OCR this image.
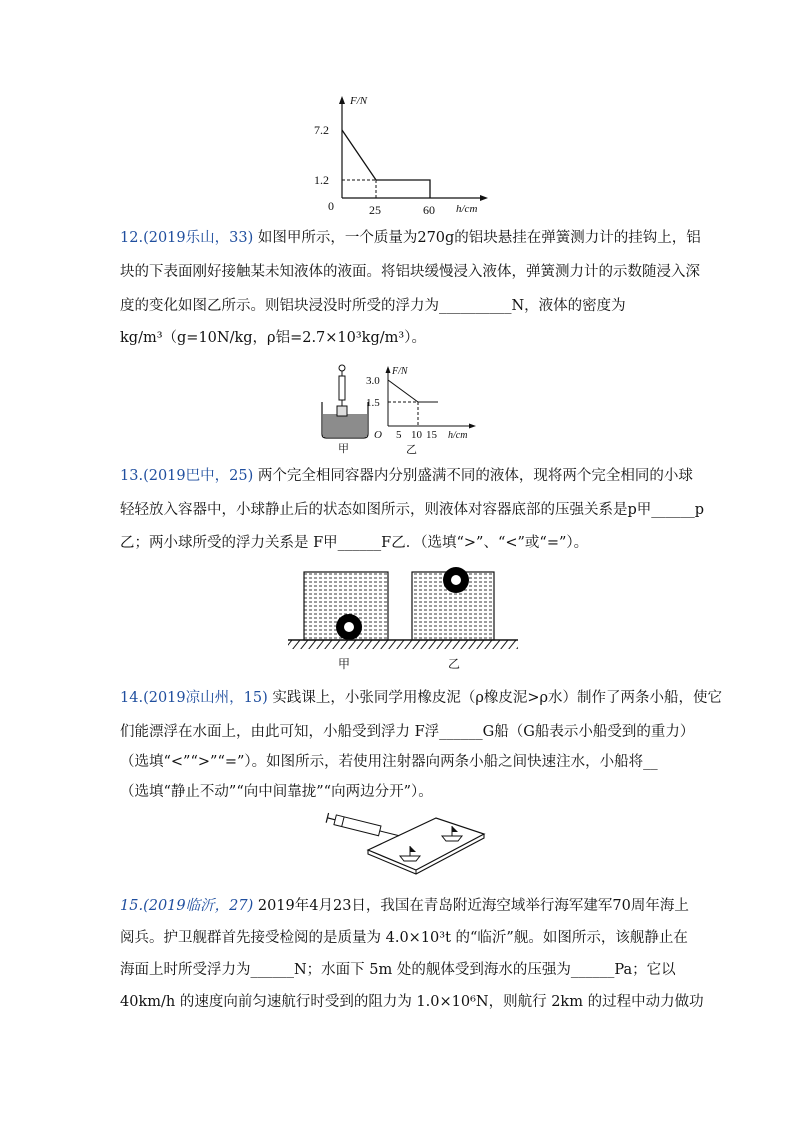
F/N
h/cm
7.2
1.2
0	25	60
12.(2019乐山，33) 如图甲所示，一个质量为270g的铝块悬挂在弹簧测力计的挂钩上，铝
块的下表面刚好接触某未知液体的液面。将铝块缓慢浸入液体，弹簧测力计的示数随浸入深
度的变化如图乙所示。则铝块浸没时所受的浮力为__________N，液体的密度为
kg/m³（g=10N/kg，ρ铝=2.7×10³kg/m³）。
甲
F/N
h/cm
3.0
1.5
O 5 10 15
乙
13.(2019巴中，25) 两个完全相同容器内分别盛满不同的液体，现将两个完全相同的小球
轻轻放入容器中，小球静止后的状态如图所示，则液体对容器底部的压强关系是p甲______p
乙；两小球所受的浮力关系是 F甲______F乙．（选填“>”、“<”或“=”）。
甲	乙
14.(2019凉山州，15) 实践课上，小张同学用橡皮泥（ρ橡皮泥>ρ水）制作了两条小船，使它
们能漂浮在水面上，由此可知，小船受到浮力 F浮______G船（G船表示小船受到的重力）
（选填“<”“>”“=”）。如图所示，若使用注射器向两条小船之间快速注水，小船将__
（选填“静止不动”“向中间靠拢”“向两边分开”）。
15.(2019临沂，27) 2019年4月23日，我国在青岛附近海空域举行海军建军70周年海上
阅兵。护卫舰群首先接受检阅的是质量为 4.0×10³t 的“临沂”舰。如图所示，该舰静止在
海面上时所受浮力为______N；水面下 5m 处的舰体受到海水的压强为______Pa；它以
40km/h 的速度向前匀速航行时受到的阻力为 1.0×10⁶N，则航行 2km 的过程中动力做功
